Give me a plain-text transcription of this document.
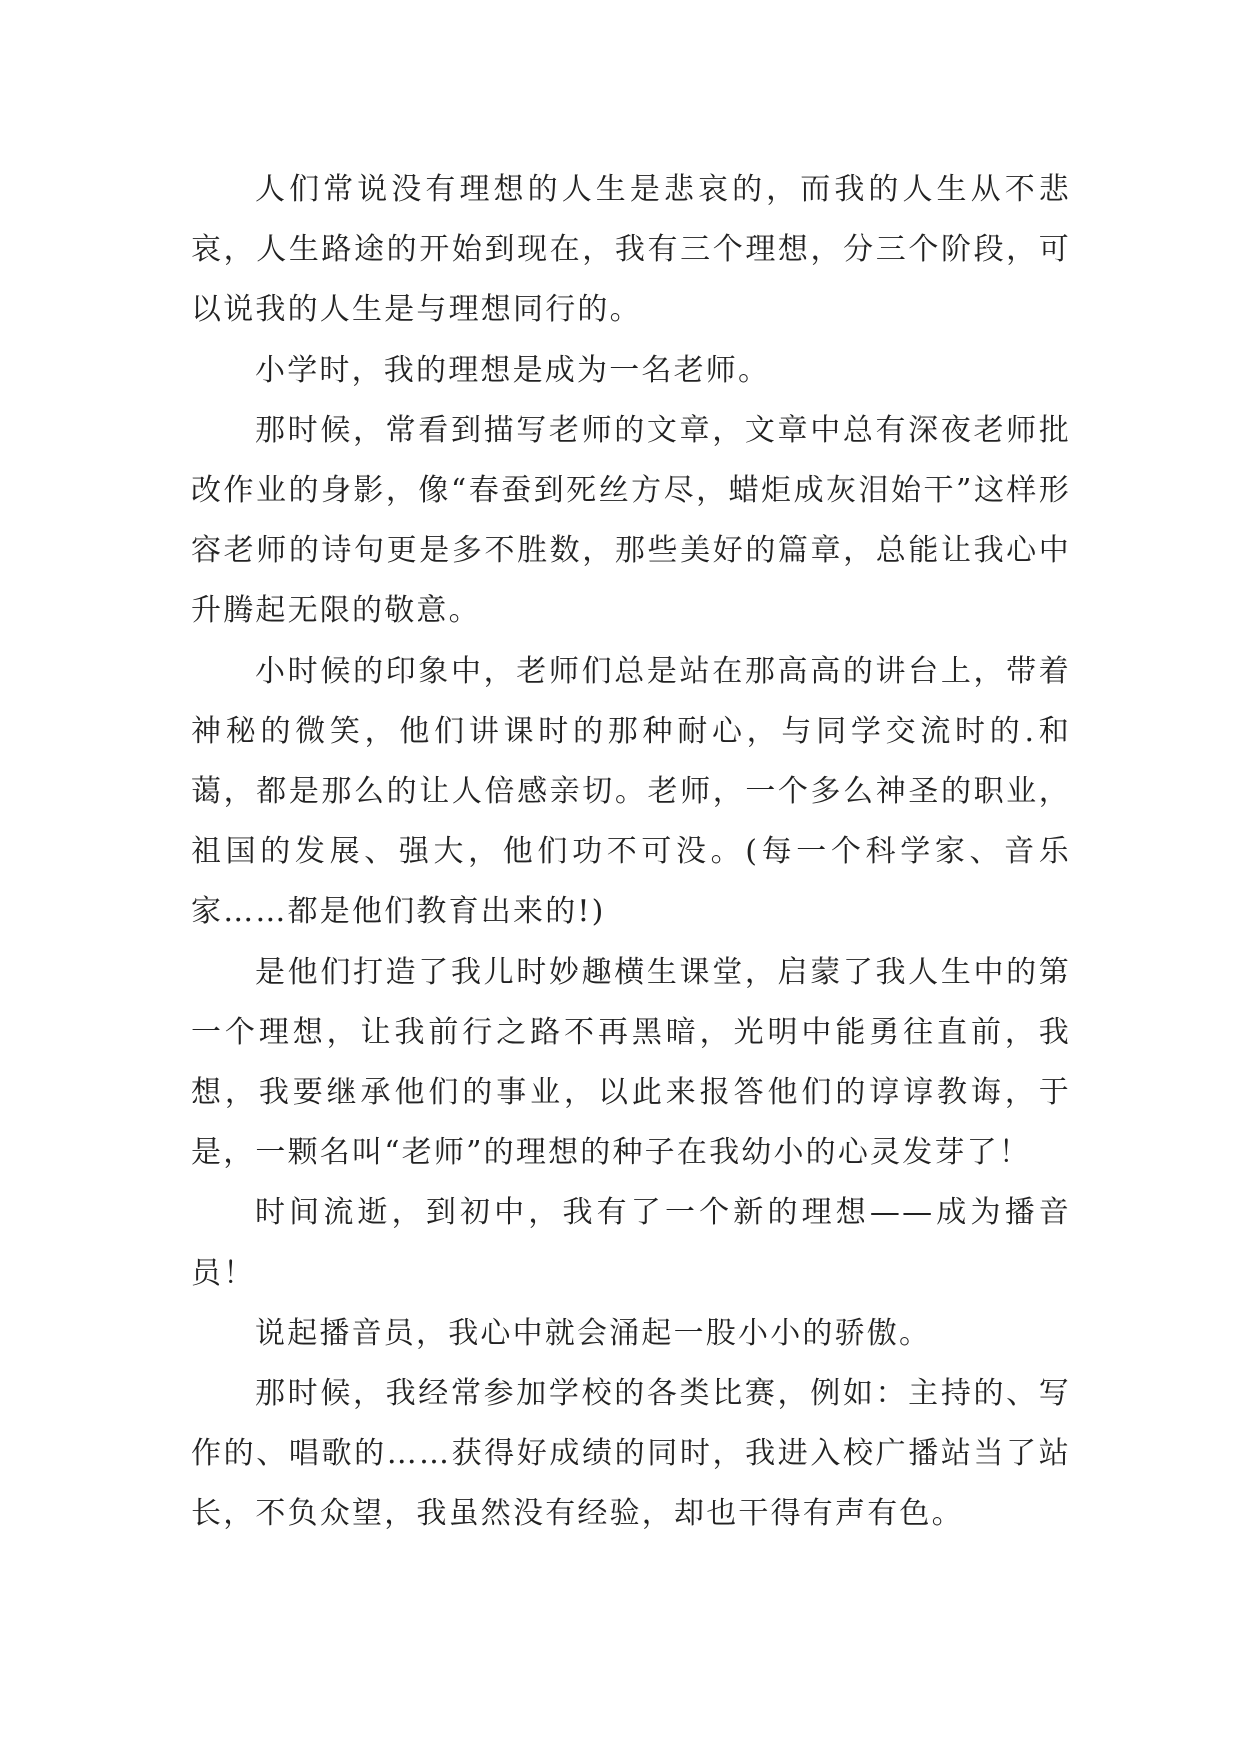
人们常说没有理想的人生是悲哀的，而我的人生从不悲哀，人生路途的开始到现在，我有三个理想，分三个阶段，可以说我的人生是与理想同行的。

小学时，我的理想是成为一名老师。

那时候，常看到描写老师的文章，文章中总有深夜老师批改作业的身影，像“春蚕到死丝方尽，蜡炬成灰泪始干”这样形容老师的诗句更是多不胜数，那些美好的篇章，总能让我心中升腾起无限的敬意。

小时候的印象中，老师们总是站在那高高的讲台上，带着神秘的微笑，他们讲课时的那种耐心，与同学交流时的.和蔼，都是那么的让人倍感亲切。老师，一个多么神圣的职业，祖国的发展、强大，他们功不可没。(每一个科学家、音乐家……都是他们教育出来的!)

是他们打造了我儿时妙趣横生课堂，启蒙了我人生中的第一个理想，让我前行之路不再黑暗，光明中能勇往直前，我想，我要继承他们的事业，以此来报答他们的谆谆教诲，于是，一颗名叫“老师”的理想的种子在我幼小的心灵发芽了！

时间流逝，到初中，我有了一个新的理想——成为播音员！

说起播音员，我心中就会涌起一股小小的骄傲。

那时候，我经常参加学校的各类比赛，例如：主持的、写作的、唱歌的……获得好成绩的同时，我进入校广播站当了站长，不负众望，我虽然没有经验，却也干得有声有色。
